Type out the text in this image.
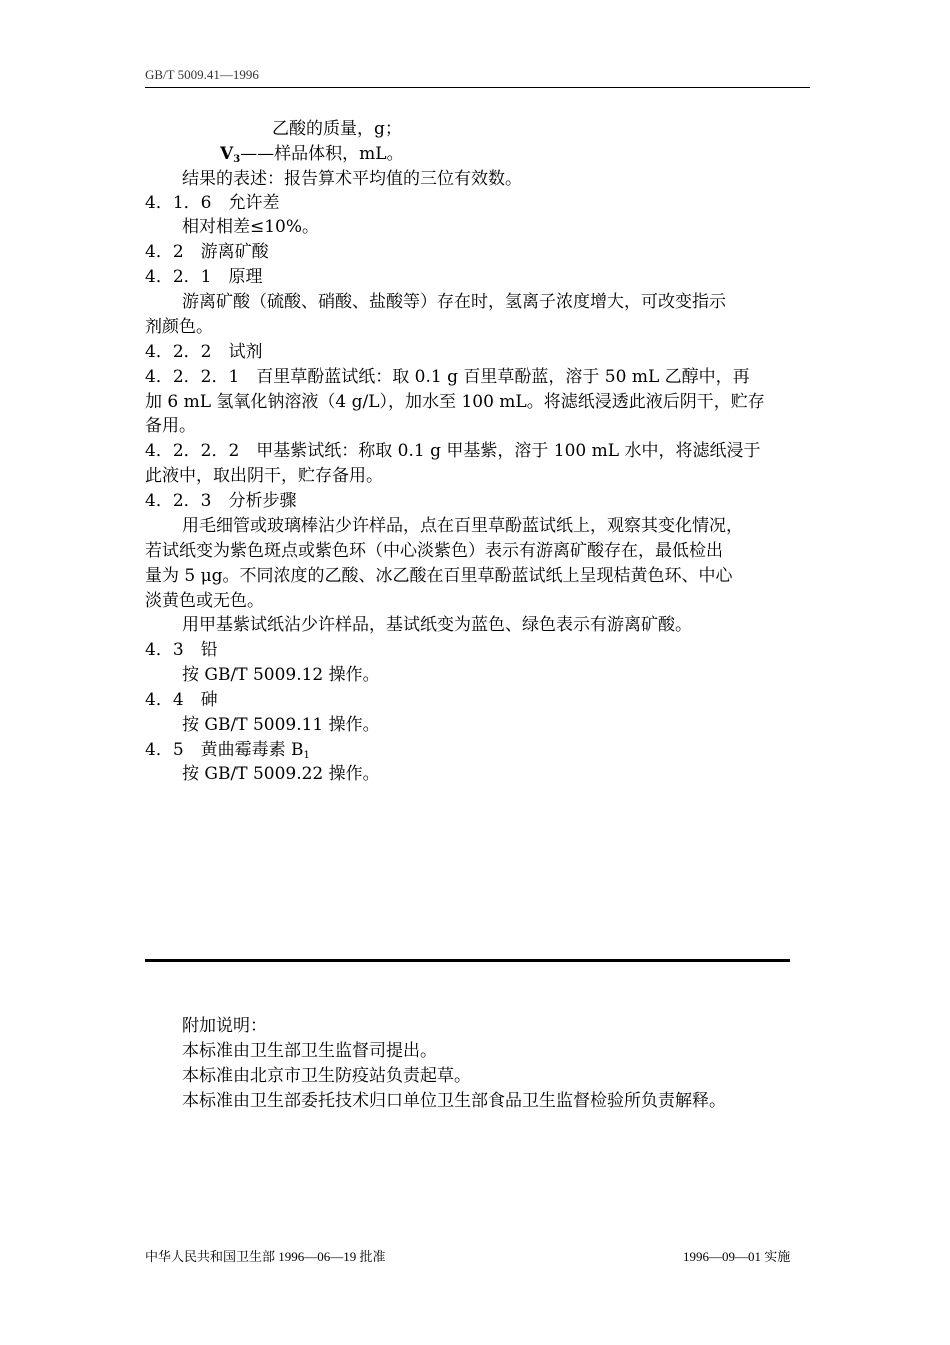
GB/T 5009.41—1996
乙酸的质量，g；
$V_3——$样品体积，mL。
结果的表述：报告算术平均值的三位有效数。
4．1．6　允许差
相对相差≤10%。
4．2　游离矿酸
4．2．1　原理
游离矿酸（硫酸、硝酸、盐酸等）存在时，氢离子浓度增大，可改变指示
剂颜色。
4．2．2　试剂
4．2．2．1　百里草酚蓝试纸：取 0.1 g 百里草酚蓝，溶于 50 mL 乙醇中，再
加 6 mL 氢氧化钠溶液（4 g/L），加水至 100 mL。将滤纸浸透此液后阴干，贮存
备用。
4．2．2．2　甲基紫试纸：称取 0.1 g 甲基紫，溶于 100 mL 水中，将滤纸浸于
此液中，取出阴干，贮存备用。
4．2．3　分析步骤
用毛细管或玻璃棒沾少许样品，点在百里草酚蓝试纸上，观察其变化情况，
若试纸变为紫色斑点或紫色环（中心淡紫色）表示有游离矿酸存在，最低检出
量为 5 μg。不同浓度的乙酸、冰乙酸在百里草酚蓝试纸上呈现桔黄色环、中心
淡黄色或无色。
用甲基紫试纸沾少许样品，基试纸变为蓝色、绿色表示有游离矿酸。
4．3　铅
按 GB/T 5009.12 操作。
4．4　砷
按 GB/T 5009.11 操作。
4．5　黄曲霉毒素 $B_1$
按 GB/T 5009.22 操作。
附加说明：
本标准由卫生部卫生监督司提出。
本标准由北京市卫生防疫站负责起草。
本标准由卫生部委托技术归口单位卫生部食品卫生监督检验所负责解释。
中华人民共和国卫生部 1996—06—19 批准	1996—09—01 实施
